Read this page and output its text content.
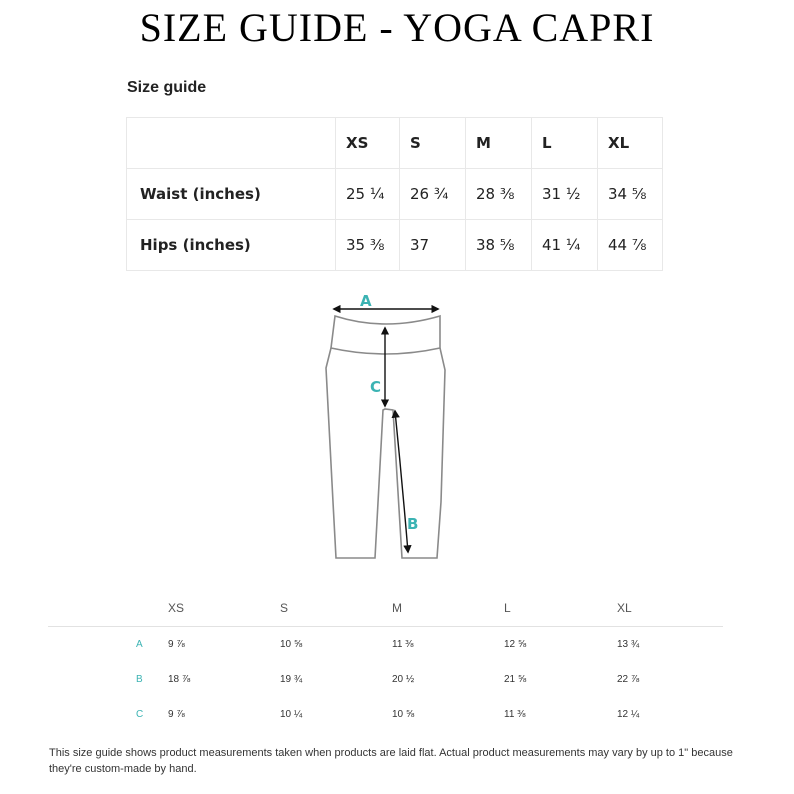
SIZE GUIDE - YOGA CAPRI
Size guide
	XS	S	M	L	XL
Waist (inches)	25 ¼	26 ¾	28 ⅜	31 ½	34 ⅝
Hips (inches)	35 ⅜	37	38 ⅝	41 ¼	44 ⅞
A
C
B
XS	S	M	L	XL
A	9 ⅞	10 ⅝	11 ⅜	12 ⅝	13 ¾
B	18 ⅞	19 ¾	20 ½	21 ⅝	22 ⅞
C 9 ⅞	10 ¼	10 ⅝	11 ⅜	12 ¼
This size guide shows product measurements taken when products are laid flat. Actual product measurements may vary by up to 1" because they're custom-made by hand.
